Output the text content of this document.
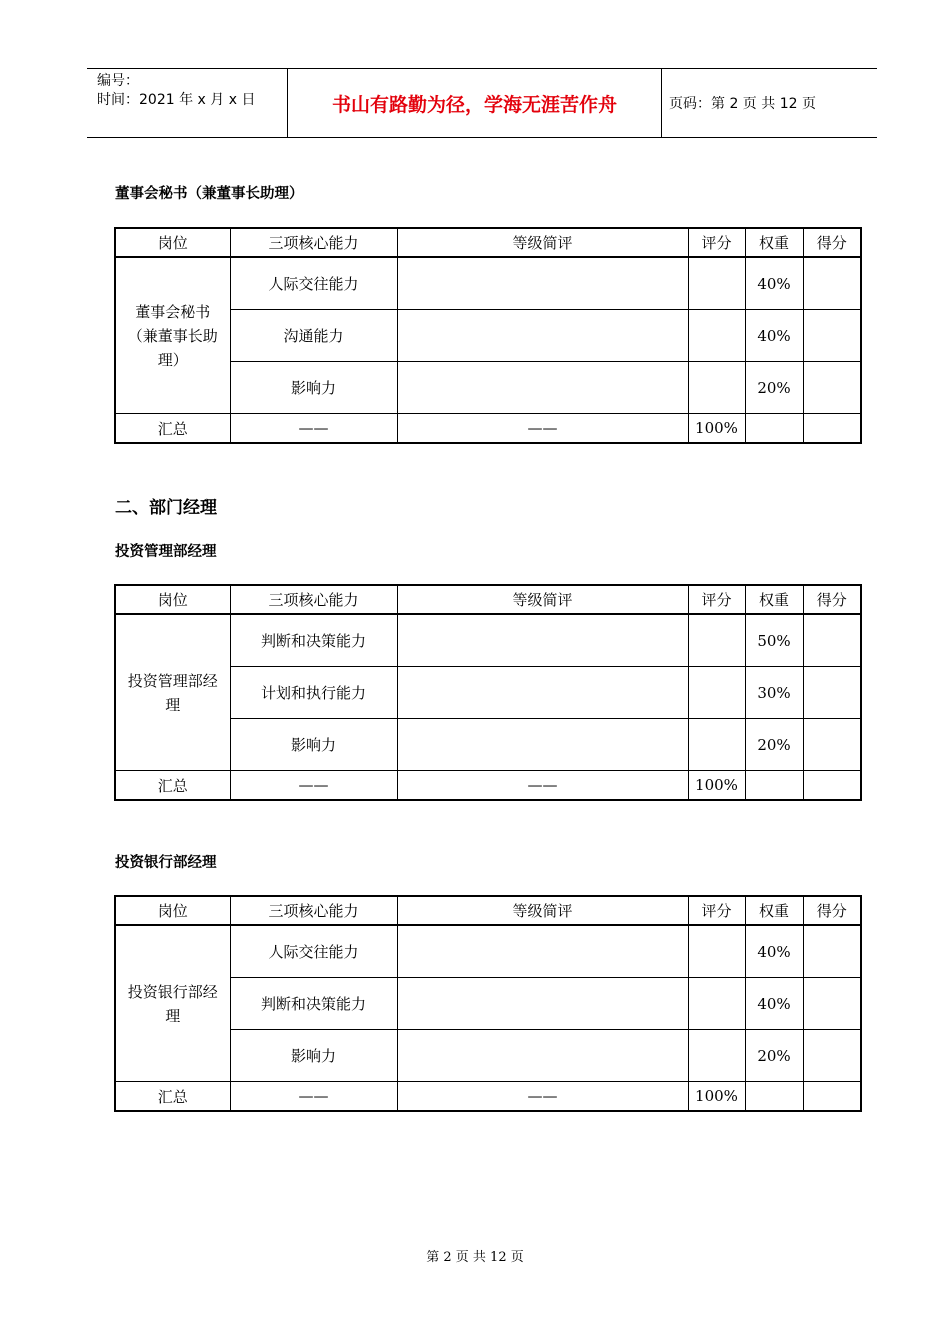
编号：
时间：2021 年 x 月 x 日	书山有路勤为径，学海无涯苦作舟	页码：第 2 页 共 12 页
董事会秘书（兼董事长助理）
岗位	三项核心能力	等级简评	评分	权重	得分
董事会秘书（兼董事长助理）	人际交往能力			40%	
	沟通能力			40%	
	影响力			20%	
汇总	——	——	100%		
二、部门经理
投资管理部经理
岗位	三项核心能力	等级简评	评分	权重	得分
投资管理部经理	判断和决策能力			50%	
	计划和执行能力			30%	
	影响力			20%	
汇总	——	——	100%		
投资银行部经理
岗位	三项核心能力	等级简评	评分	权重	得分
投资银行部经理	人际交往能力			40%	
	判断和决策能力			40%	
	影响力			20%	
汇总	——	——	100%		
第 2 页 共 12 页
